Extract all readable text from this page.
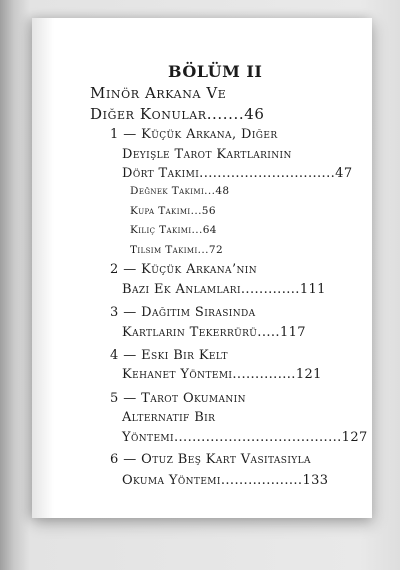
BÖLÜM II
Minör Arkana Ve
Diğer Konular.......46
1 — Küçük Arkana, Diğer
Deyişle Tarot Kartlarının
Dört Takımı..............................47
Değnek Takımı...48
Kupa Takımı...56
Kılıç Takımı...64
Tılsım Takımı...72
2 — Küçük Arkana’nın
Bazı Ek Anlamları.............111
3 — Dağıtım Sırasında
Kartların Tekerrürü.....117
4 — Eski Bir Kelt
Kehanet Yöntemi..............121
5 — Tarot Okumanın
Alternatif Bir
Yöntemi.....................................127
6 — Otuz Beş Kart Vasıtasıyla
Okuma Yöntemi..................133
